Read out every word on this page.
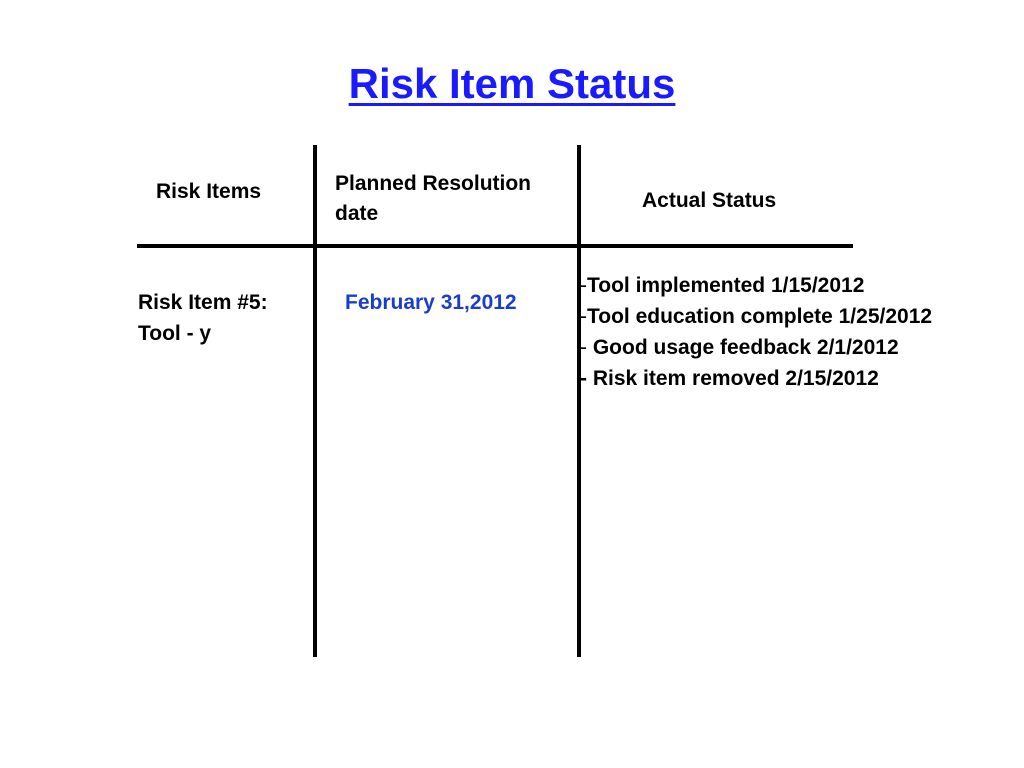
Risk Item Status
Risk Items	Planned Resolution
date
Actual Status
Risk Item #5:
Tool - y
February 31,2012
-Tool implemented 1/15/2012
-Tool education complete 1/25/2012
- Good usage feedback 2/1/2012
- Risk item removed 2/15/2012
